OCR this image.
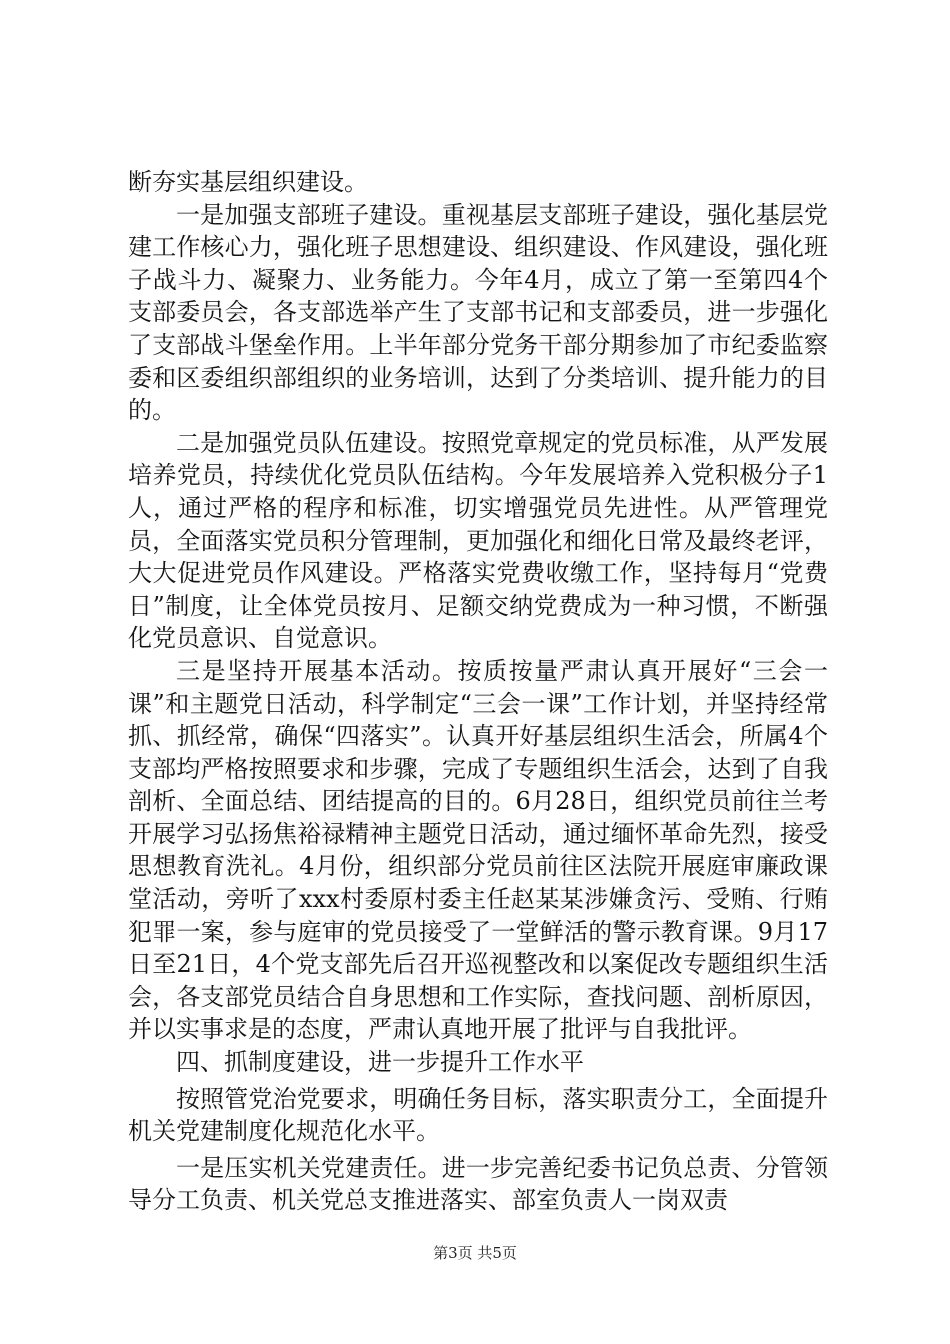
断夯实基层组织建设。

一是加强支部班子建设。重视基层支部班子建设，强化基层党建工作核心力，强化班子思想建设、组织建设、作风建设，强化班子战斗力、凝聚力、业务能力。今年4月，成立了第一至第四4个支部委员会，各支部选举产生了支部书记和支部委员，进一步强化了支部战斗堡垒作用。上半年部分党务干部分期参加了市纪委监察委和区委组织部组织的业务培训，达到了分类培训、提升能力的目的。

二是加强党员队伍建设。按照党章规定的党员标准，从严发展培养党员，持续优化党员队伍结构。今年发展培养入党积极分子1人，通过严格的程序和标准，切实增强党员先进性。从严管理党员，全面落实党员积分管理制，更加强化和细化日常及最终老评，大大促进党员作风建设。严格落实党费收缴工作，坚持每月“党费日”制度，让全体党员按月、足额交纳党费成为一种习惯，不断强化党员意识、自觉意识。

三是坚持开展基本活动。按质按量严肃认真开展好“三会一课”和主题党日活动，科学制定“三会一课”工作计划，并坚持经常抓、抓经常，确保“四落实”。认真开好基层组织生活会，所属4个支部均严格按照要求和步骤，完成了专题组织生活会，达到了自我剖析、全面总结、团结提高的目的。6月28日，组织党员前往兰考开展学习弘扬焦裕禄精神主题党日活动，通过缅怀革命先烈，接受思想教育洗礼。4月份，组织部分党员前往区法院开展庭审廉政课堂活动，旁听了xxx村委原村委主任赵某某涉嫌贪污、受贿、行贿犯罪一案，参与庭审的党员接受了一堂鲜活的警示教育课。9月17日至21日，4个党支部先后召开巡视整改和以案促改专题组织生活会，各支部党员结合自身思想和工作实际，查找问题、剖析原因，并以实事求是的态度，严肃认真地开展了批评与自我批评。

四、抓制度建设，进一步提升工作水平

按照管党治党要求，明确任务目标，落实职责分工，全面提升机关党建制度化规范化水平。

一是压实机关党建责任。进一步完善纪委书记负总责、分管领导分工负责、机关党总支推进落实、部室负责人一岗双责

第3页 共5页
